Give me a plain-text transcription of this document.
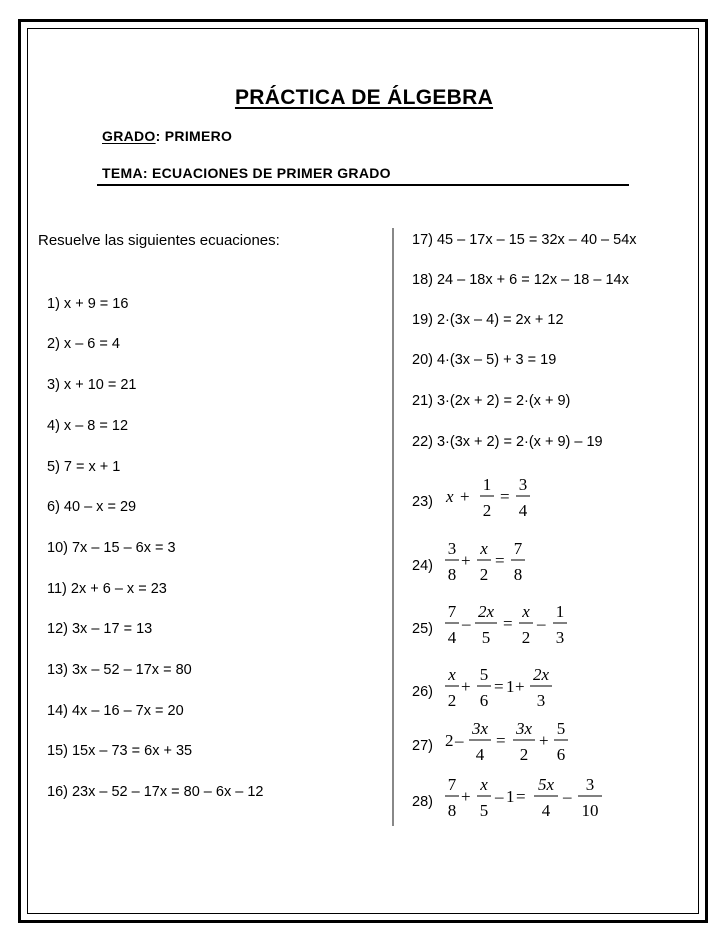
PRÁCTICA DE ÁLGEBRA
GRADO: PRIMERO
TEMA: ECUACIONES DE PRIMER GRADO
Resuelve las siguientes ecuaciones:
1) x + 9 = 16
2) x – 6 = 4
3) x + 10 = 21
4) x – 8 = 12
5) 7 = x + 1
6) 40 – x = 29
10) 7x – 15 – 6x = 3
11) 2x + 6 – x = 23
12) 3x – 17 = 13
13) 3x – 52 – 17x = 80
14) 4x – 16 – 7x = 20
15) 15x – 73 = 6x + 35
16) 23x – 52 – 17x = 80 – 6x – 12
17) 45 – 17x – 15 = 32x – 40 – 54x
18) 24 – 18x + 6 = 12x – 18 – 14x
19) 2·(3x – 4) = 2x + 12
20) 4·(3x – 5) + 3 = 19
21) 3·(2x + 2) = 2·(x + 9)
22) 3·(3x + 2) = 2·(x + 9) – 19
23) x +
1
2
=
3
4
24)
3
8
+
x
2
=
7
8
25)
7
4
–
2x
5
=
x
2
–
1
3
26)
x
2
+
5
6
= 1 +
2x
3
27) 2 –
3x
4
=
3x
2
+
5
6
28)
7
8
+
x
5
– 1 =
5x
4
–
3
10
